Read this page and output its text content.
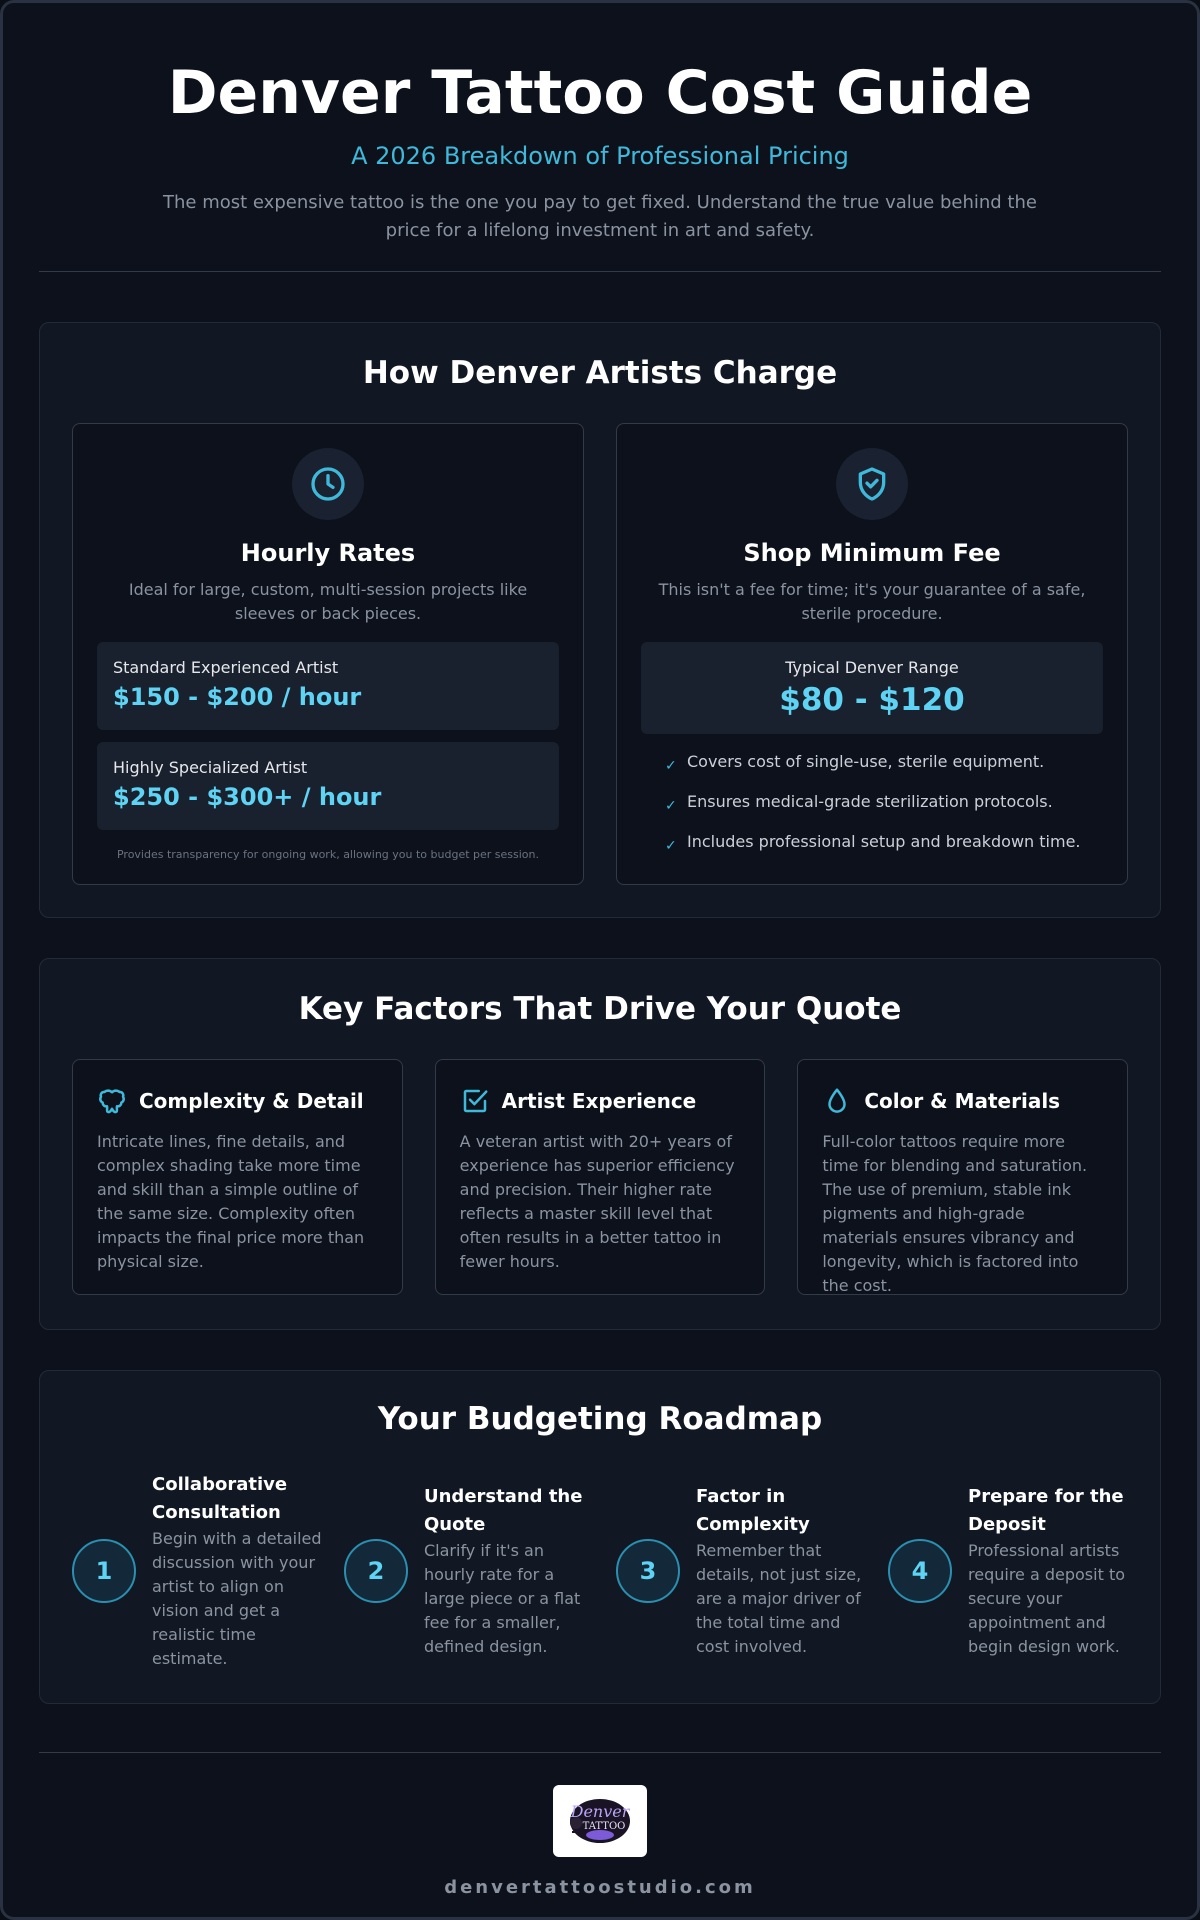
Denver Tattoo Cost Guide
A 2026 Breakdown of Professional Pricing

The most expensive tattoo is the one you pay to get fixed. Understand the true value behind the price for a lifelong investment in art and safety.

How Denver Artists Charge
Hourly Rates

Ideal for large, custom, multi-session projects like sleeves or back pieces.

Standard Experienced Artist
$150 - $200 / hour
Highly Specialized Artist
$250 - $300+ / hour

Provides transparency for ongoing work, allowing you to budget per session.

Shop Minimum Fee

This isn't a fee for time; it's your guarantee of a safe, sterile procedure.

Typical Denver Range
$80 - $120
✓ Covers cost of single-use, sterile equipment.
✓ Ensures medical-grade sterilization protocols.
✓ Includes professional setup and breakdown time.
Key Factors That Drive Your Quote
Complexity & Detail

Intricate lines, fine details, and complex shading take more time and skill than a simple outline of the same size. Complexity often impacts the final price more than physical size.

Artist Experience

A veteran artist with 20+ years of experience has superior efficiency and precision. Their higher rate reflects a master skill level that often results in a better tattoo in fewer hours.

Color & Materials

Full-color tattoos require more time for blending and saturation. The use of premium, stable ink pigments and high-grade materials ensures vibrancy and longevity, which is factored into the cost.

Your Budgeting Roadmap
1
Collaborative Consultation
Begin with a detailed discussion with your artist to align on vision and get a realistic time estimate.
2
Understand the Quote
Clarify if it's an hourly rate for a large piece or a flat fee for a smaller, defined design.
3
Factor in Complexity
Remember that details, not just size, are a major driver of the total time and cost involved.
4
Prepare for the Deposit
Professional artists require a deposit to secure your appointment and begin design work.
Denver
TATTOO
denvertattoostudio.com
